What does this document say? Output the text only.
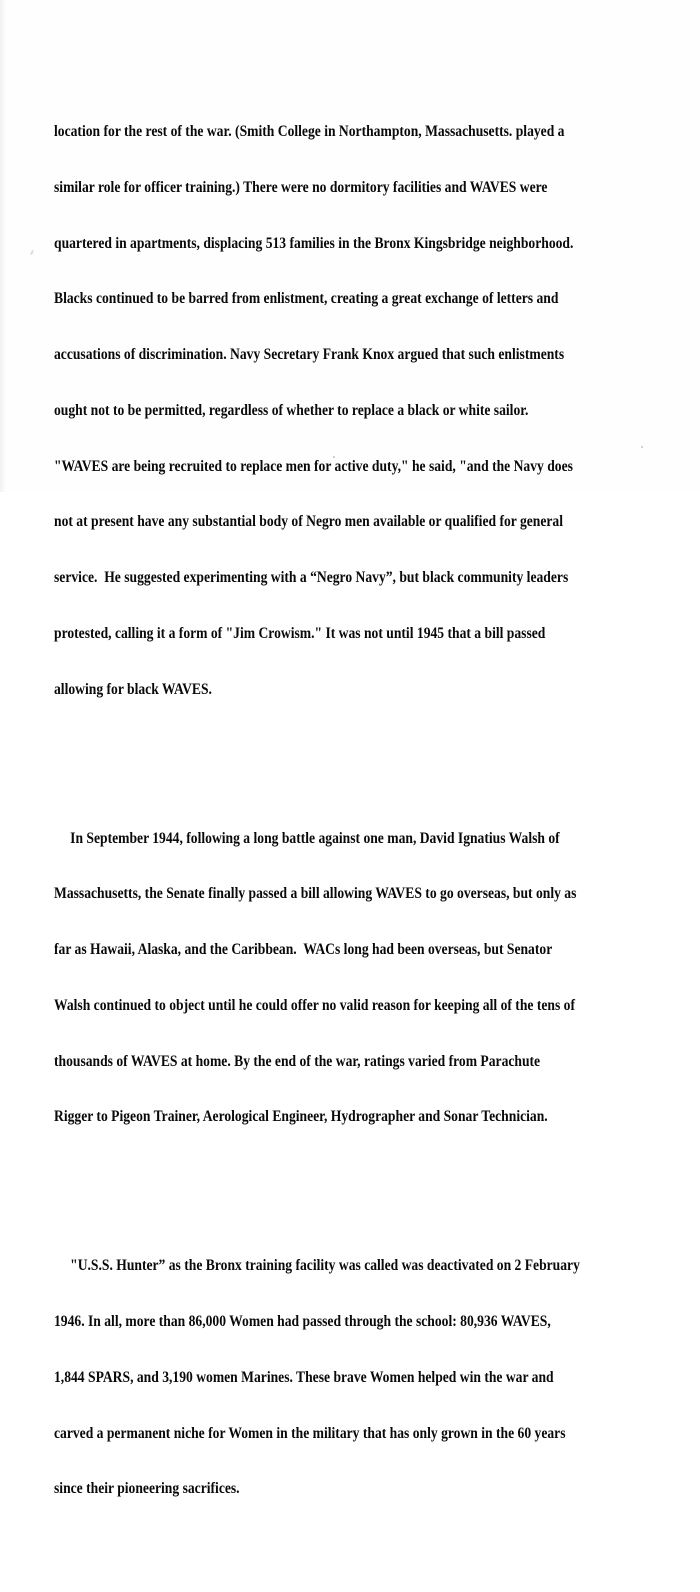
location for the rest of the war. (Smith College in Northampton, Massachusetts. played a

similar role for officer training.) There were no dormitory facilities and WAVES were

quartered in apartments, displacing 513 families in the Bronx Kingsbridge neighborhood.

Blacks continued to be barred from enlistment, creating a great exchange of letters and

accusations of discrimination. Navy Secretary Frank Knox argued that such enlistments

ought not to be permitted, regardless of whether to replace a black or white sailor.

"WAVES are being recruited to replace men for active duty," he said, "and the Navy does

not at present have any substantial body of Negro men available or qualified for general

service.  He suggested experimenting with a “Negro Navy”, but black community leaders

protested, calling it a form of "Jim Crowism." It was not until 1945 that a bill passed

allowing for black WAVES.

In September 1944, following a long battle against one man, David Ignatius Walsh of

Massachusetts, the Senate finally passed a bill allowing WAVES to go overseas, but only as

far as Hawaii, Alaska, and the Caribbean.  WACs long had been overseas, but Senator

Walsh continued to object until he could offer no valid reason for keeping all of the tens of

thousands of WAVES at home. By the end of the war, ratings varied from Parachute

Rigger to Pigeon Trainer, Aerological Engineer, Hydrographer and Sonar Technician.

"U.S.S. Hunter” as the Bronx training facility was called was deactivated on 2 February

1946. In all, more than 86,000 Women had passed through the school: 80,936 WAVES,

1,844 SPARS, and 3,190 women Marines. These brave Women helped win the war and

carved a permanent niche for Women in the military that has only grown in the 60 years

since their pioneering sacrifices.
